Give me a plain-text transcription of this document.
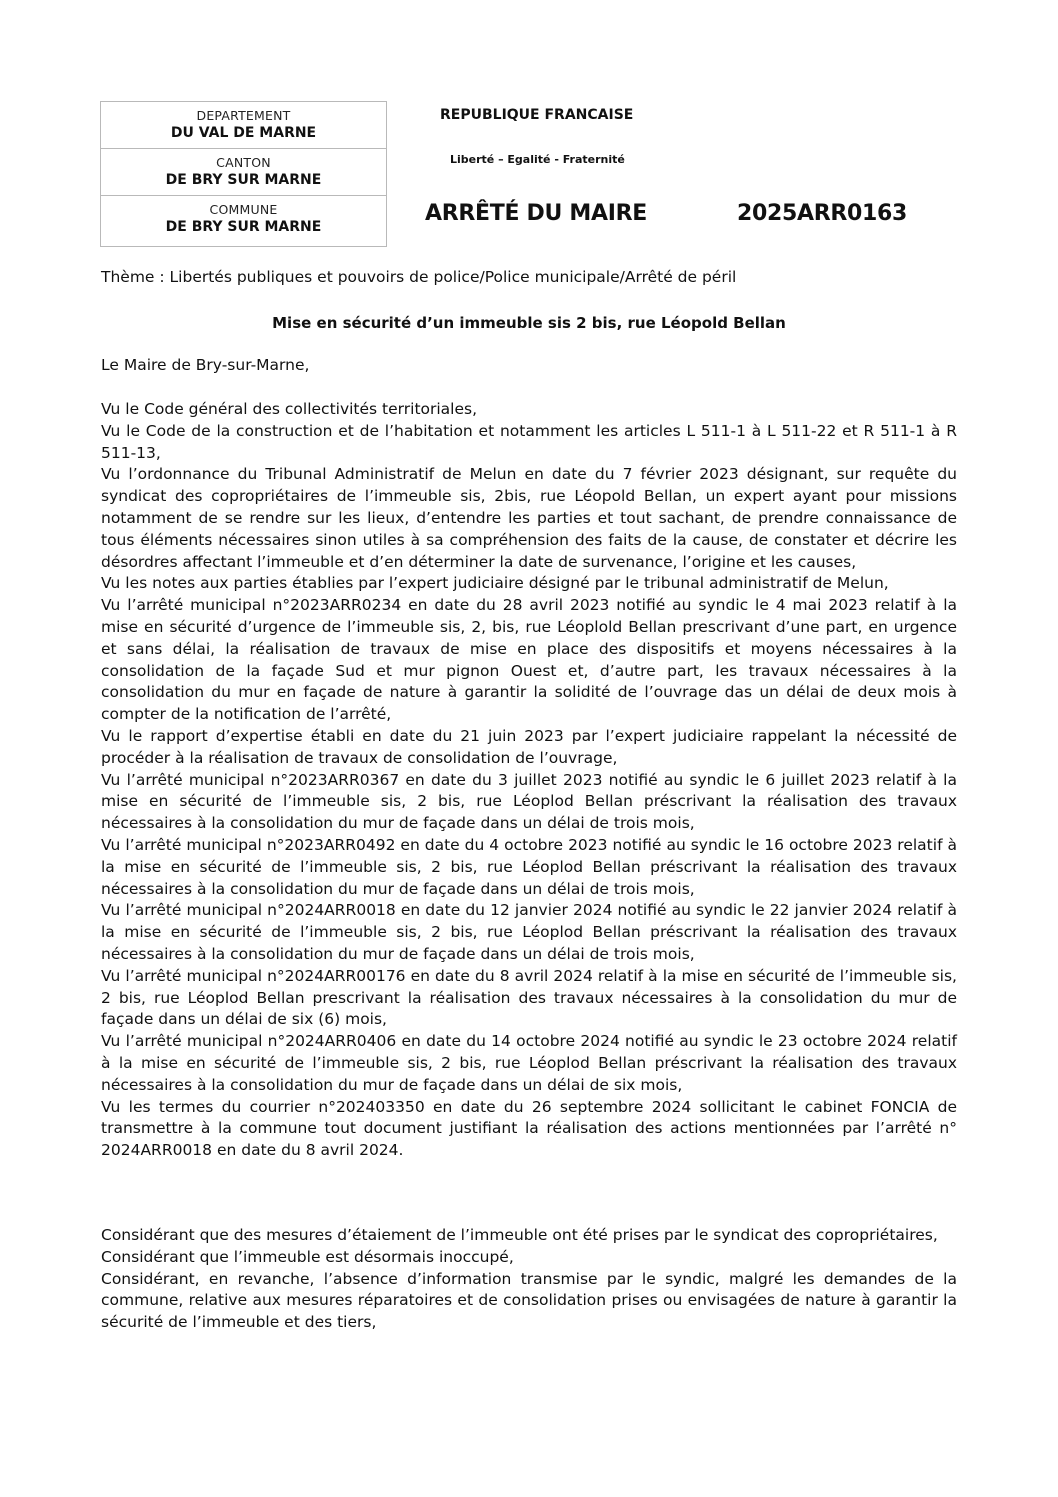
DEPARTEMENT
DU VAL DE MARNE
CANTON
DE BRY SUR MARNE
COMMUNE
DE BRY SUR MARNE
REPUBLIQUE FRANCAISE
Liberté – Egalité - Fraternité
ARRÊTÉ DU MAIRE	2025ARR0163
Thème : Libertés publiques et pouvoirs de police/Police municipale/Arrêté de péril
Mise en sécurité d’un immeuble sis 2 bis, rue Léopold Bellan
Le Maire de Bry-sur-Marne,

Vu le Code général des collectivités territoriales,

Vu le Code de la construction et de l’habitation et notamment les articles L 511-1 à L 511-22 et R 511-1 à R 511-13,

Vu l’ordonnance du Tribunal Administratif de Melun en date du 7 février 2023 désignant, sur requête du syndicat des copropriétaires de l’immeuble sis, 2bis, rue Léopold Bellan, un expert ayant pour missions notamment de se rendre sur les lieux, d’entendre les parties et tout sachant, de prendre connaissance de tous éléments nécessaires sinon utiles à sa compréhension des faits de la cause, de constater et décrire les désordres affectant l’immeuble et d’en déterminer la date de survenance, l’origine et les causes,

Vu les notes aux parties établies par l’expert judiciaire désigné par le tribunal administratif de Melun,

Vu l’arrêté municipal n°2023ARR0234 en date du 28 avril 2023 notifié au syndic le 4 mai 2023 relatif à la mise en sécurité d’urgence de l’immeuble sis, 2, bis, rue Léoplold Bellan prescrivant d’une part, en urgence et sans délai, la réalisation de travaux de mise en place des dispositifs et moyens nécessaires à la consolidation de la façade Sud et mur pignon Ouest et, d’autre part, les travaux nécessaires à la consolidation du mur en façade de nature à garantir la solidité de l’ouvrage das un délai de deux mois à compter de la notification de l’arrêté,

Vu le rapport d’expertise établi en date du 21 juin 2023 par l’expert judiciaire rappelant la nécessité de procéder à la réalisation de travaux de consolidation de l’ouvrage,

Vu l’arrêté municipal n°2023ARR0367 en date du 3 juillet 2023 notifié au syndic le 6 juillet 2023 relatif à la mise en sécurité de l’immeuble sis, 2 bis, rue Léoplod Bellan préscrivant la réalisation des travaux nécessaires à la consolidation du mur de façade dans un délai de trois mois,

Vu l’arrêté municipal n°2023ARR0492 en date du 4 octobre 2023 notifié au syndic le 16 octobre 2023 relatif à la mise en sécurité de l’immeuble sis, 2 bis, rue Léoplod Bellan préscrivant la réalisation des travaux nécessaires à la consolidation du mur de façade dans un délai de trois mois,

Vu l’arrêté municipal n°2024ARR0018 en date du 12 janvier 2024 notifié au syndic le 22 janvier 2024 relatif à la mise en sécurité de l’immeuble sis, 2 bis, rue Léoplod Bellan préscrivant la réalisation des travaux nécessaires à la consolidation du mur de façade dans un délai de trois mois,

Vu l’arrêté municipal n°2024ARR00176 en date du 8 avril 2024 relatif à la mise en sécurité de l’immeuble sis, 2 bis, rue Léoplod Bellan prescrivant la réalisation des travaux nécessaires à la consolidation du mur de façade dans un délai de six (6) mois,

Vu l’arrêté municipal n°2024ARR0406 en date du 14 octobre 2024 notifié au syndic le 23 octobre 2024 relatif à la mise en sécurité de l’immeuble sis, 2 bis, rue Léoplod Bellan préscrivant la réalisation des travaux nécessaires à la consolidation du mur de façade dans un délai de six mois,

Vu les termes du courrier n°202403350 en date du 26 septembre 2024 sollicitant le cabinet FONCIA de transmettre à la commune tout document justifiant la réalisation des actions mentionnées par l’arrêté n° 2024ARR0018 en date du 8 avril 2024.

Considérant que des mesures d’étaiement de l’immeuble ont été prises par le syndicat des copropriétaires,

Considérant que l’immeuble est désormais inoccupé,

Considérant, en revanche, l’absence d’information transmise par le syndic, malgré les demandes de la commune, relative aux mesures réparatoires et de consolidation prises ou envisagées de nature à garantir la sécurité de l’immeuble et des tiers,
